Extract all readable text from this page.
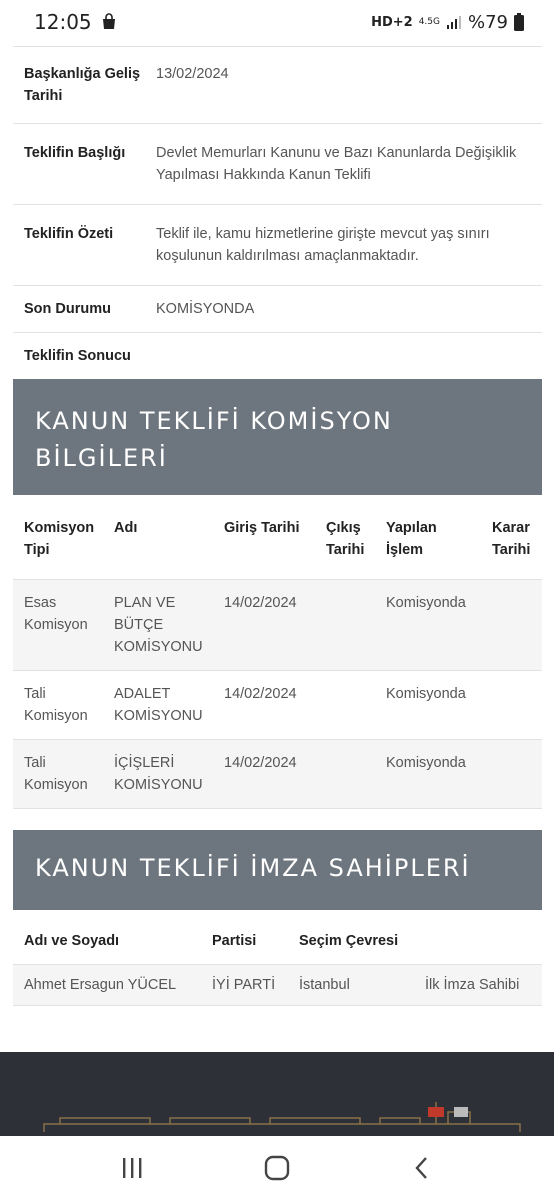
12:05	HD+2 4.5G %79
Başkanlığa Geliş Tarihi
13/02/2024
Teklifin Başlığı	Devlet Memurları Kanunu ve Bazı Kanunlarda Değişiklik Yapılması Hakkında Kanun Teklifi
Teklifin Özeti	Teklif ile, kamu hizmetlerine girişte mevcut yaş sınırı koşulunun kaldırılması amaçlanmaktadır.
Son Durumu	KOMİSYONDA
Teklifin Sonucu
KANUN TEKLİFİ KOMİSYON BİLGİLERİ
Komisyon Tipi	Adı	Giriş Tarihi	Çıkış Tarihi	Yapılan İşlem	Karar Tarihi
Esas Komisyon	PLAN VE BÜTÇE KOMİSYONU	14/02/2024		Komisyonda	
Tali Komisyon	ADALET KOMİSYONU	14/02/2024		Komisyonda	
Tali Komisyon	İÇİŞLERİ KOMİSYONU	14/02/2024		Komisyonda	
KANUN TEKLİFİ İMZA SAHİPLERİ
Adı ve Soyadı	Partisi	Seçim Çevresi	
Ahmet Ersagun YÜCEL	İYİ PARTİ	İstanbul	İlk İmza Sahibi
